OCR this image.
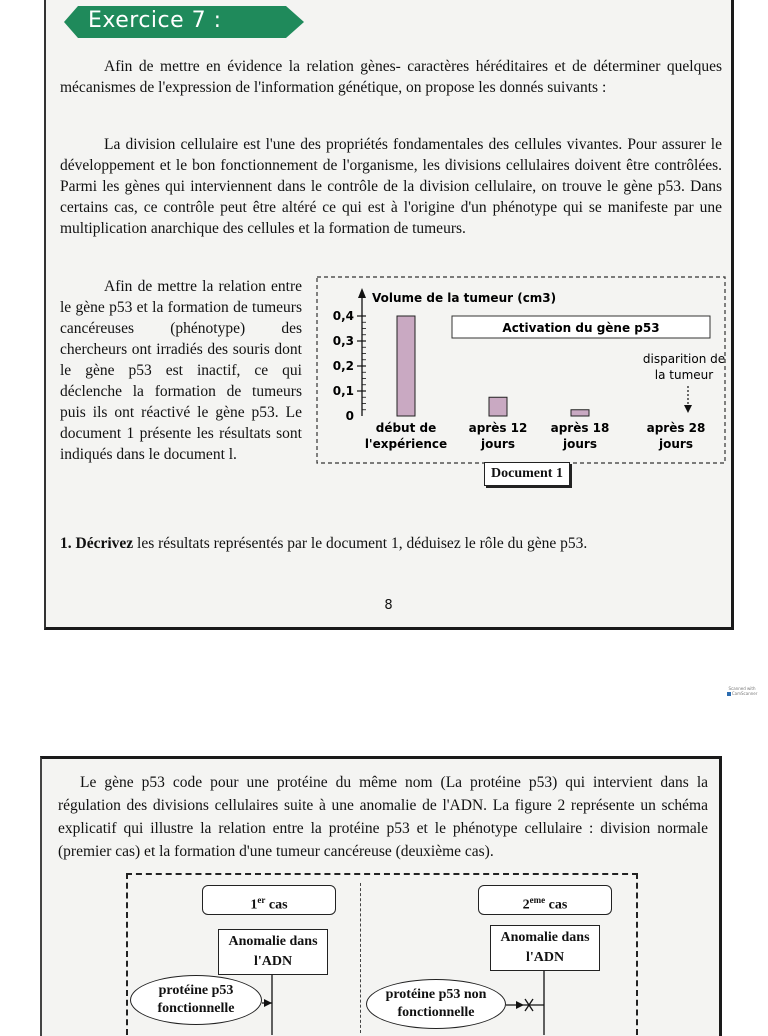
Exercice 7 :

Afin de mettre en évidence la relation gènes- caractères héréditaires et de déterminer quelques mécanismes de l'expression de l'information génétique, on propose les donnés suivants :

La division cellulaire est l'une des propriétés fondamentales des cellules vivantes. Pour assurer le développement et le bon fonctionnement de l'organisme, les divisions cellulaires doivent être contrôlées. Parmi les gènes qui interviennent dans le contrôle de la division cellulaire, on trouve le gène p53. Dans certains cas, ce contrôle peut être altéré ce qui est à l'origine d'un phénotype qui se manifeste par une multiplication anarchique des cellules et la formation de tumeurs.

Afin de mettre la relation entre le gène p53 et la formation de tumeurs cancéreuses (phénotype) des chercheurs ont irradiés des souris dont le gène p53 est inactif, ce qui déclenche la formation de tumeurs puis ils ont réactivé le gène p53. Le document 1 présente les résultats sont indiqués dans le document l.

Volume de la tumeur (cm3)
0
0,1
0,2
0,3
0,4
début de
l'expérience
après 12
jours
après 18
jours
après 28
jours
Activation du gène p53
disparition de
la tumeur
Document 1
1. Décrivez les résultats représentés par le document 1, déduisez le rôle du gène p53.
8
Scanned with
CamScanner

Le gène p53 code pour une protéine du même nom (La protéine p53) qui intervient dans la régulation des divisions cellulaires suite à une anomalie de l'ADN. La figure 2 représente un schéma explicatif qui illustre la relation entre la protéine p53 et le phénotype cellulaire : division normale (premier cas) et la formation d'une tumeur cancéreuse (deuxième cas).

1er cas	2eme cas
Anomalie dans
l'ADN
Anomalie dans
l'ADN
protéine p53
fonctionnelle
protéine p53 non
fonctionnelle
